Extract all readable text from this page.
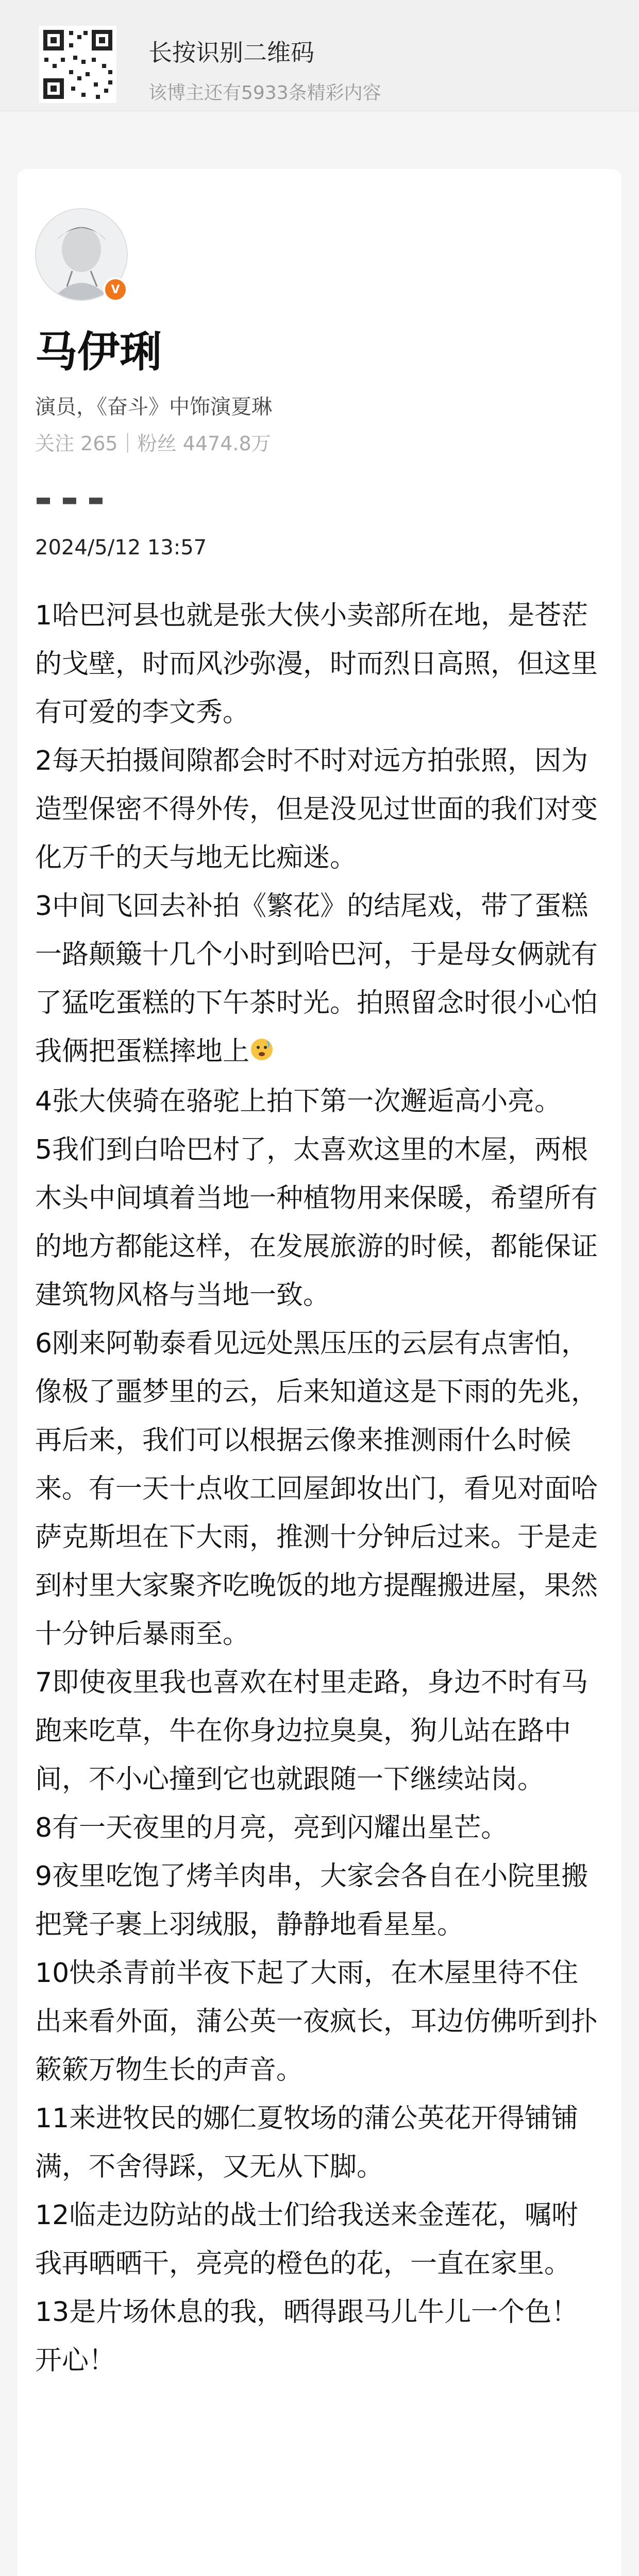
长按识别二维码
该博主还有5933条精彩内容
V
马伊琍
演员，《奋斗》中饰演夏琳
关注 265｜粉丝 4474.8万
▬ ▬ ▬
2024/5/12 13:57

1哈巴河县也就是张大侠小卖部所在地，是苍茫的戈壁，时而风沙弥漫，时而烈日高照，但这里有可爱的李文秀。

2每天拍摄间隙都会时不时对远方拍张照，因为造型保密不得外传，但是没见过世面的我们对变化万千的天与地无比痴迷。

3中间飞回去补拍《繁花》的结尾戏，带了蛋糕一路颠簸十几个小时到哈巴河，于是母女俩就有了猛吃蛋糕的下午茶时光。拍照留念时很小心怕我俩把蛋糕摔地上

4张大侠骑在骆驼上拍下第一次邂逅高小亮。

5我们到白哈巴村了，太喜欢这里的木屋，两根木头中间填着当地一种植物用来保暖，希望所有的地方都能这样，在发展旅游的时候，都能保证建筑物风格与当地一致。

6刚来阿勒泰看见远处黑压压的云层有点害怕，像极了噩梦里的云，后来知道这是下雨的先兆，再后来，我们可以根据云像来推测雨什么时候来。有一天十点收工回屋卸妆出门，看见对面哈萨克斯坦在下大雨，推测十分钟后过来。于是走到村里大家聚齐吃晚饭的地方提醒搬进屋，果然十分钟后暴雨至。

7即使夜里我也喜欢在村里走路，身边不时有马跑来吃草，牛在你身边拉臭臭，狗儿站在路中间，不小心撞到它也就跟随一下继续站岗。

8有一天夜里的月亮，亮到闪耀出星芒。

9夜里吃饱了烤羊肉串，大家会各自在小院里搬把凳子裹上羽绒服，静静地看星星。

10快杀青前半夜下起了大雨，在木屋里待不住出来看外面，蒲公英一夜疯长，耳边仿佛听到扑簌簌万物生长的声音。

11来进牧民的娜仁夏牧场的蒲公英花开得铺铺满，不舍得踩，又无从下脚。

12临走边防站的战士们给我送来金莲花，嘱咐我再晒晒干，亮亮的橙色的花，一直在家里。

13是片场休息的我，晒得跟马儿牛儿一个色！开心！
